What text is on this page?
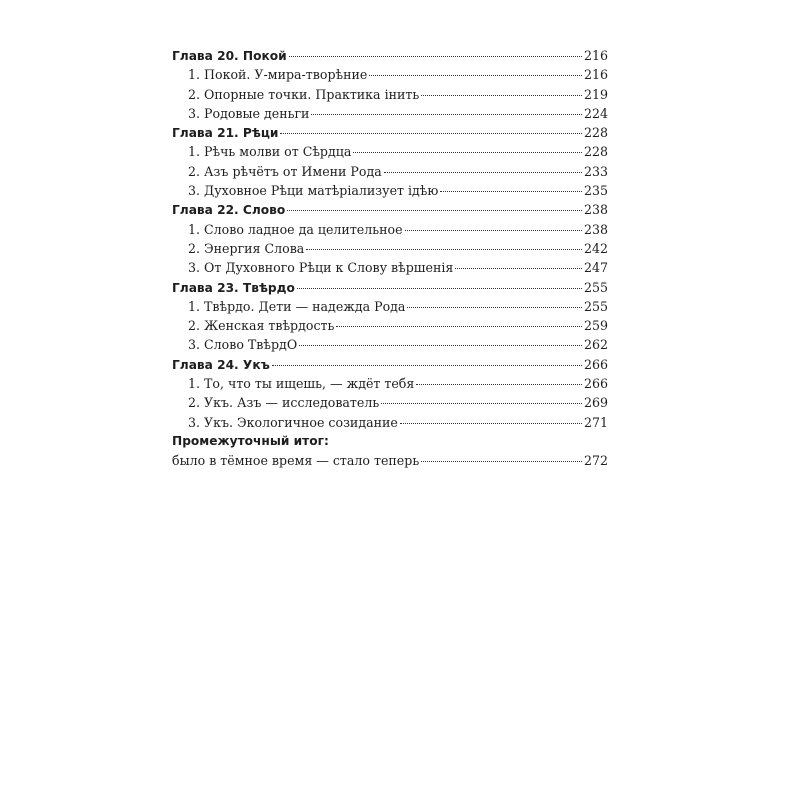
Глава 20. Покой	216
1. Покой. У-мира-творѣние	216
2. Опорные точки. Практика інить	219
3. Родовые деньги	224
Глава 21. Рѣци	228
1. Рѣчь молви от Сѣрдца	228
2. Азъ рѣчётъ от Имени Рода	233
3. Духовное Рѣци матѣріализует ідѣю	235
Глава 22. Слово	238
1. Слово ладное да целительное	238
2. Энергия Слова	242
3. От Духовного Рѣци к Слову вѣршенія	247
Глава 23. Твѣрдо	255
1. Твѣрдо. Дети — надежда Рода	255
2. Женская твѣрдость	259
3. Слово ТвѣрдО	262
Глава 24. Укъ	266
1. То, что ты ищешь, — ждёт тебя	266
2. Укъ. Азъ — исследователь	269
3. Укъ. Экологичное созидание	271
Промежуточный итог:
было в тёмное время — стало теперь	272
